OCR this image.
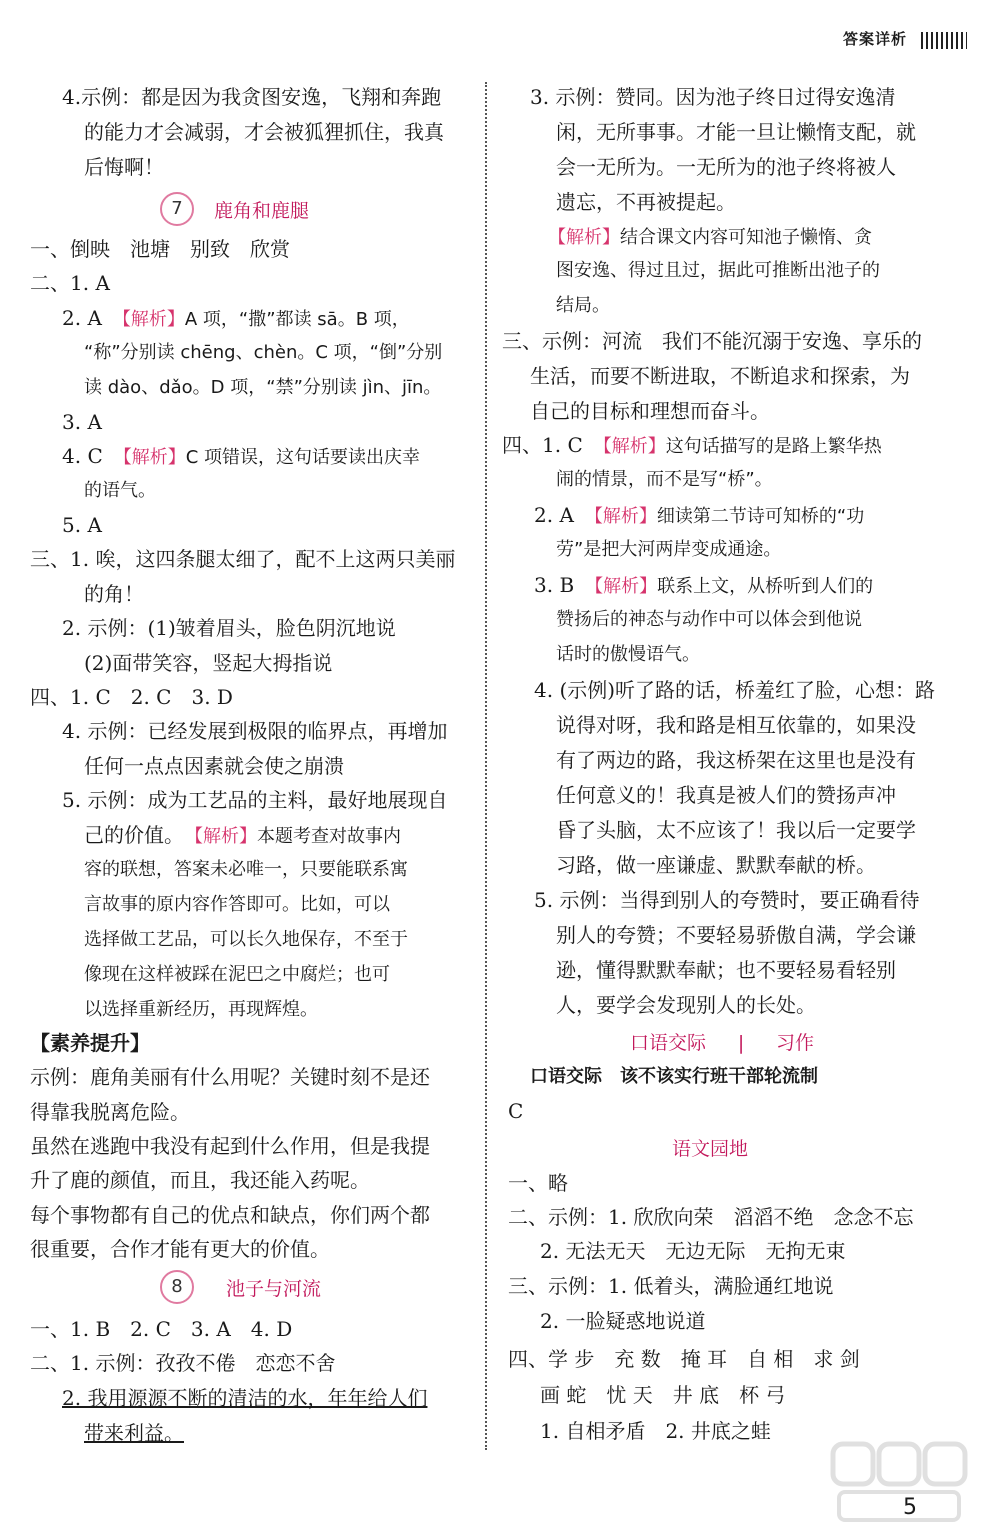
答案详析
4.示例：都是因为我贪图安逸，飞翔和奔跑
的能力才会减弱，才会被狐狸抓住，我真
后悔啊！
7	鹿角和鹿腿
一、倒映　池塘　别致　欣赏
二、1. A
2. A　【解析】A 项，“撒”都读 sā。B 项，
“称”分别读 chēng、chèn。C 项，“倒”分别
读 dào、dǎo。D 项，“禁”分别读 jìn、jīn。
3. A
4. C　【解析】C 项错误，这句话要读出庆幸
的语气。
5. A
三、1. 唉，这四条腿太细了，配不上这两只美丽
的角！
2. 示例：(1)皱着眉头，脸色阴沉地说
(2)面带笑容，竖起大拇指说
四、1. C　2. C　3. D
4. 示例：已经发展到极限的临界点，再增加
任何一点点因素就会使之崩溃
5. 示例：成为工艺品的主料，最好地展现自
己的价值。　【解析】本题考查对故事内
容的联想，答案未必唯一，只要能联系寓
言故事的原内容作答即可。比如，可以
选择做工艺品，可以长久地保存，不至于
像现在这样被踩在泥巴之中腐烂；也可
以选择重新经历，再现辉煌。
【素养提升】
示例：鹿角美丽有什么用呢？关键时刻不是还
得靠我脱离危险。
虽然在逃跑中我没有起到什么作用，但是我提
升了鹿的颜值，而且，我还能入药呢。
每个事物都有自己的优点和缺点，你们两个都
很重要，合作才能有更大的价值。
8	池子与河流
一、1. B　2. C　3. A　4. D
二、1. 示例：孜孜不倦　恋恋不舍
2. 我用源源不断的清洁的水，年年给人们
带来利益。
3. 示例：赞同。因为池子终日过得安逸清
闲，无所事事。才能一旦让懒惰支配，就
会一无所为。一无所为的池子终将被人
遗忘，不再被提起。
【解析】结合课文内容可知池子懒惰、贪
图安逸、得过且过，据此可推断出池子的
结局。
三、示例：河流　我们不能沉溺于安逸、享乐的
生活，而要不断进取，不断追求和探索，为
自己的目标和理想而奋斗。
四、1. C　【解析】这句话描写的是路上繁华热
闹的情景，而不是写“桥”。
2. A　【解析】细读第二节诗可知桥的“功
劳”是把大河两岸变成通途。
3. B　【解析】联系上文，从桥听到人们的
赞扬后的神态与动作中可以体会到他说
话时的傲慢语气。
4. (示例)听了路的话，桥羞红了脸，心想：路
说得对呀，我和路是相互依靠的，如果没
有了两边的路，我这桥架在这里也是没有
任何意义的！我真是被人们的赞扬声冲
昏了头脑，太不应该了！我以后一定要学
习路，做一座谦虚、默默奉献的桥。
5. 示例：当得到别人的夸赞时，要正确看待
别人的夸赞；不要轻易骄傲自满，学会谦
逊，懂得默默奉献；也不要轻易看轻别
人，要学会发现别人的长处。
口语交际 | 习作
口语交际　该不该实行班干部轮流制
C
语文园地
一、略
二、示例：1. 欣欣向荣　滔滔不绝　念念不忘
2. 无法无天　无边无际　无拘无束
三、示例：1. 低着头，满脸通红地说
2. 一脸疑惑地说道
四、学 步　充 数　掩 耳　自 相　求 剑
画 蛇　忧 天　井 底　杯 弓
1. 自相矛盾　2. 井底之蛙
5
